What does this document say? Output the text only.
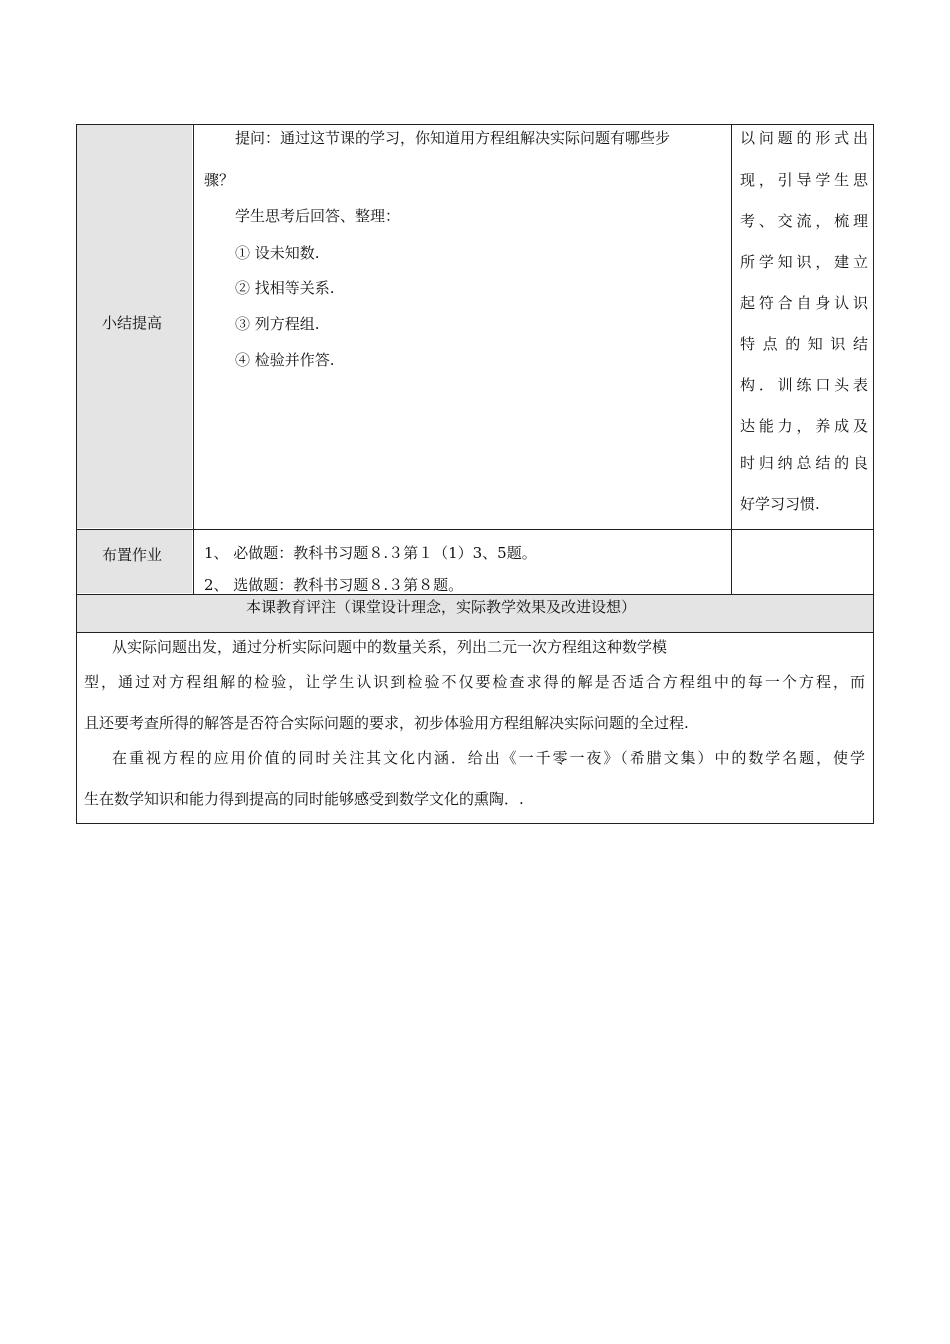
小结提高
提问：通过这节课的学习，你知道用方程组解决实际问题有哪些步
骤？
学生思考后回答、整理：
① 设未知数.
② 找相等关系.
③ 列方程组.
④ 检验并作答.
以问题的形式出
现，引导学生思
考、交流，梳理
所学知识，建立
起符合自身认识
特点的知识结
构．训练口头表
达能力，养成及
时归纳总结的良
好学习习惯.
布置作业	1、 必做题：教科书习题８.３第１（1）3、5题。
2、 选做题：教科书习题８.３第８题。
本课教育评注（课堂设计理念，实际教学效果及改进设想）
从实际问题出发，通过分析实际问题中的数量关系，列出二元一次方程组这种数学模
型，通过对方程组解的检验，让学生认识到检验不仅要检查求得的解是否适合方程组中的每一个方程，而
且还要考查所得的解答是否符合实际问题的要求，初步体验用方程组解决实际问题的全过程.
在重视方程的应用价值的同时关注其文化内涵．给出《一千零一夜》（希腊文集）中的数学名题，使学
生在数学知识和能力得到提高的同时能够感受到数学文化的熏陶．.
